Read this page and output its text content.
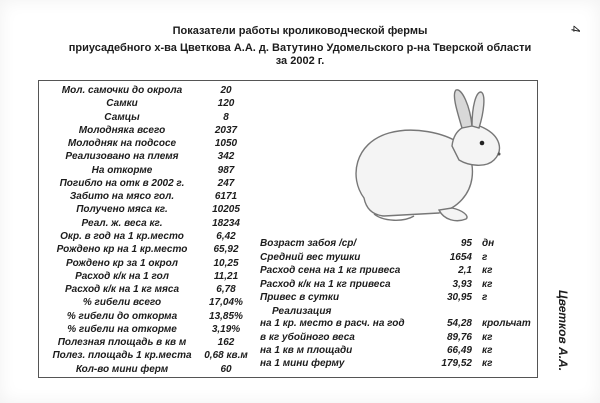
Показатели работы кролиководческой фермы
приусадебного х-ва Цветкова А.А. д. Ватутино Удомельского р-на Тверской области
за 2002 г.
4
Мол. самочки до окрола	20
Самки	120
Самцы	8
Молодняка всего	2037
Молодняк на подсосе	1050
Реализовано на племя	342
На откорме	987
Погибло на отк в 2002 г.	247
Забито на мясо гол.	6171
Получено мяса кг.	10205
Реал. ж. веса кг.	18234
Окр. в год на 1 кр.место	6,42
Рождено кр на 1 кр.место	65,92
Рождено кр за 1 окрол	10,25
Расход к/к на 1 гол	11,21
Расход к/к на 1 кг мяса	6,78
% гибели всего	17,04%
% гибели до откорма	13,85%
% гибели на откорме	3,19%
Полезная площадь в кв м	162
Полез. площадь 1 кр.места	0,68 кв.м
Кол-во мини ферм	60
Возраст забоя /ср/	95 дн
Средний вес тушки	1654 г
Расход сена на 1 кг привеса	2,1 кг
Расход к/к на 1 кг привеса	3,93 кг
Привес в сутки	30,95 г
Реализация
на 1 кр. место в расч. на год	54,28 крольчат
в кг убойного веса	89,76 кг
на 1 кв м площади	66,49 кг
на 1 мини ферму	179,52 кг	Цветков А.А.
